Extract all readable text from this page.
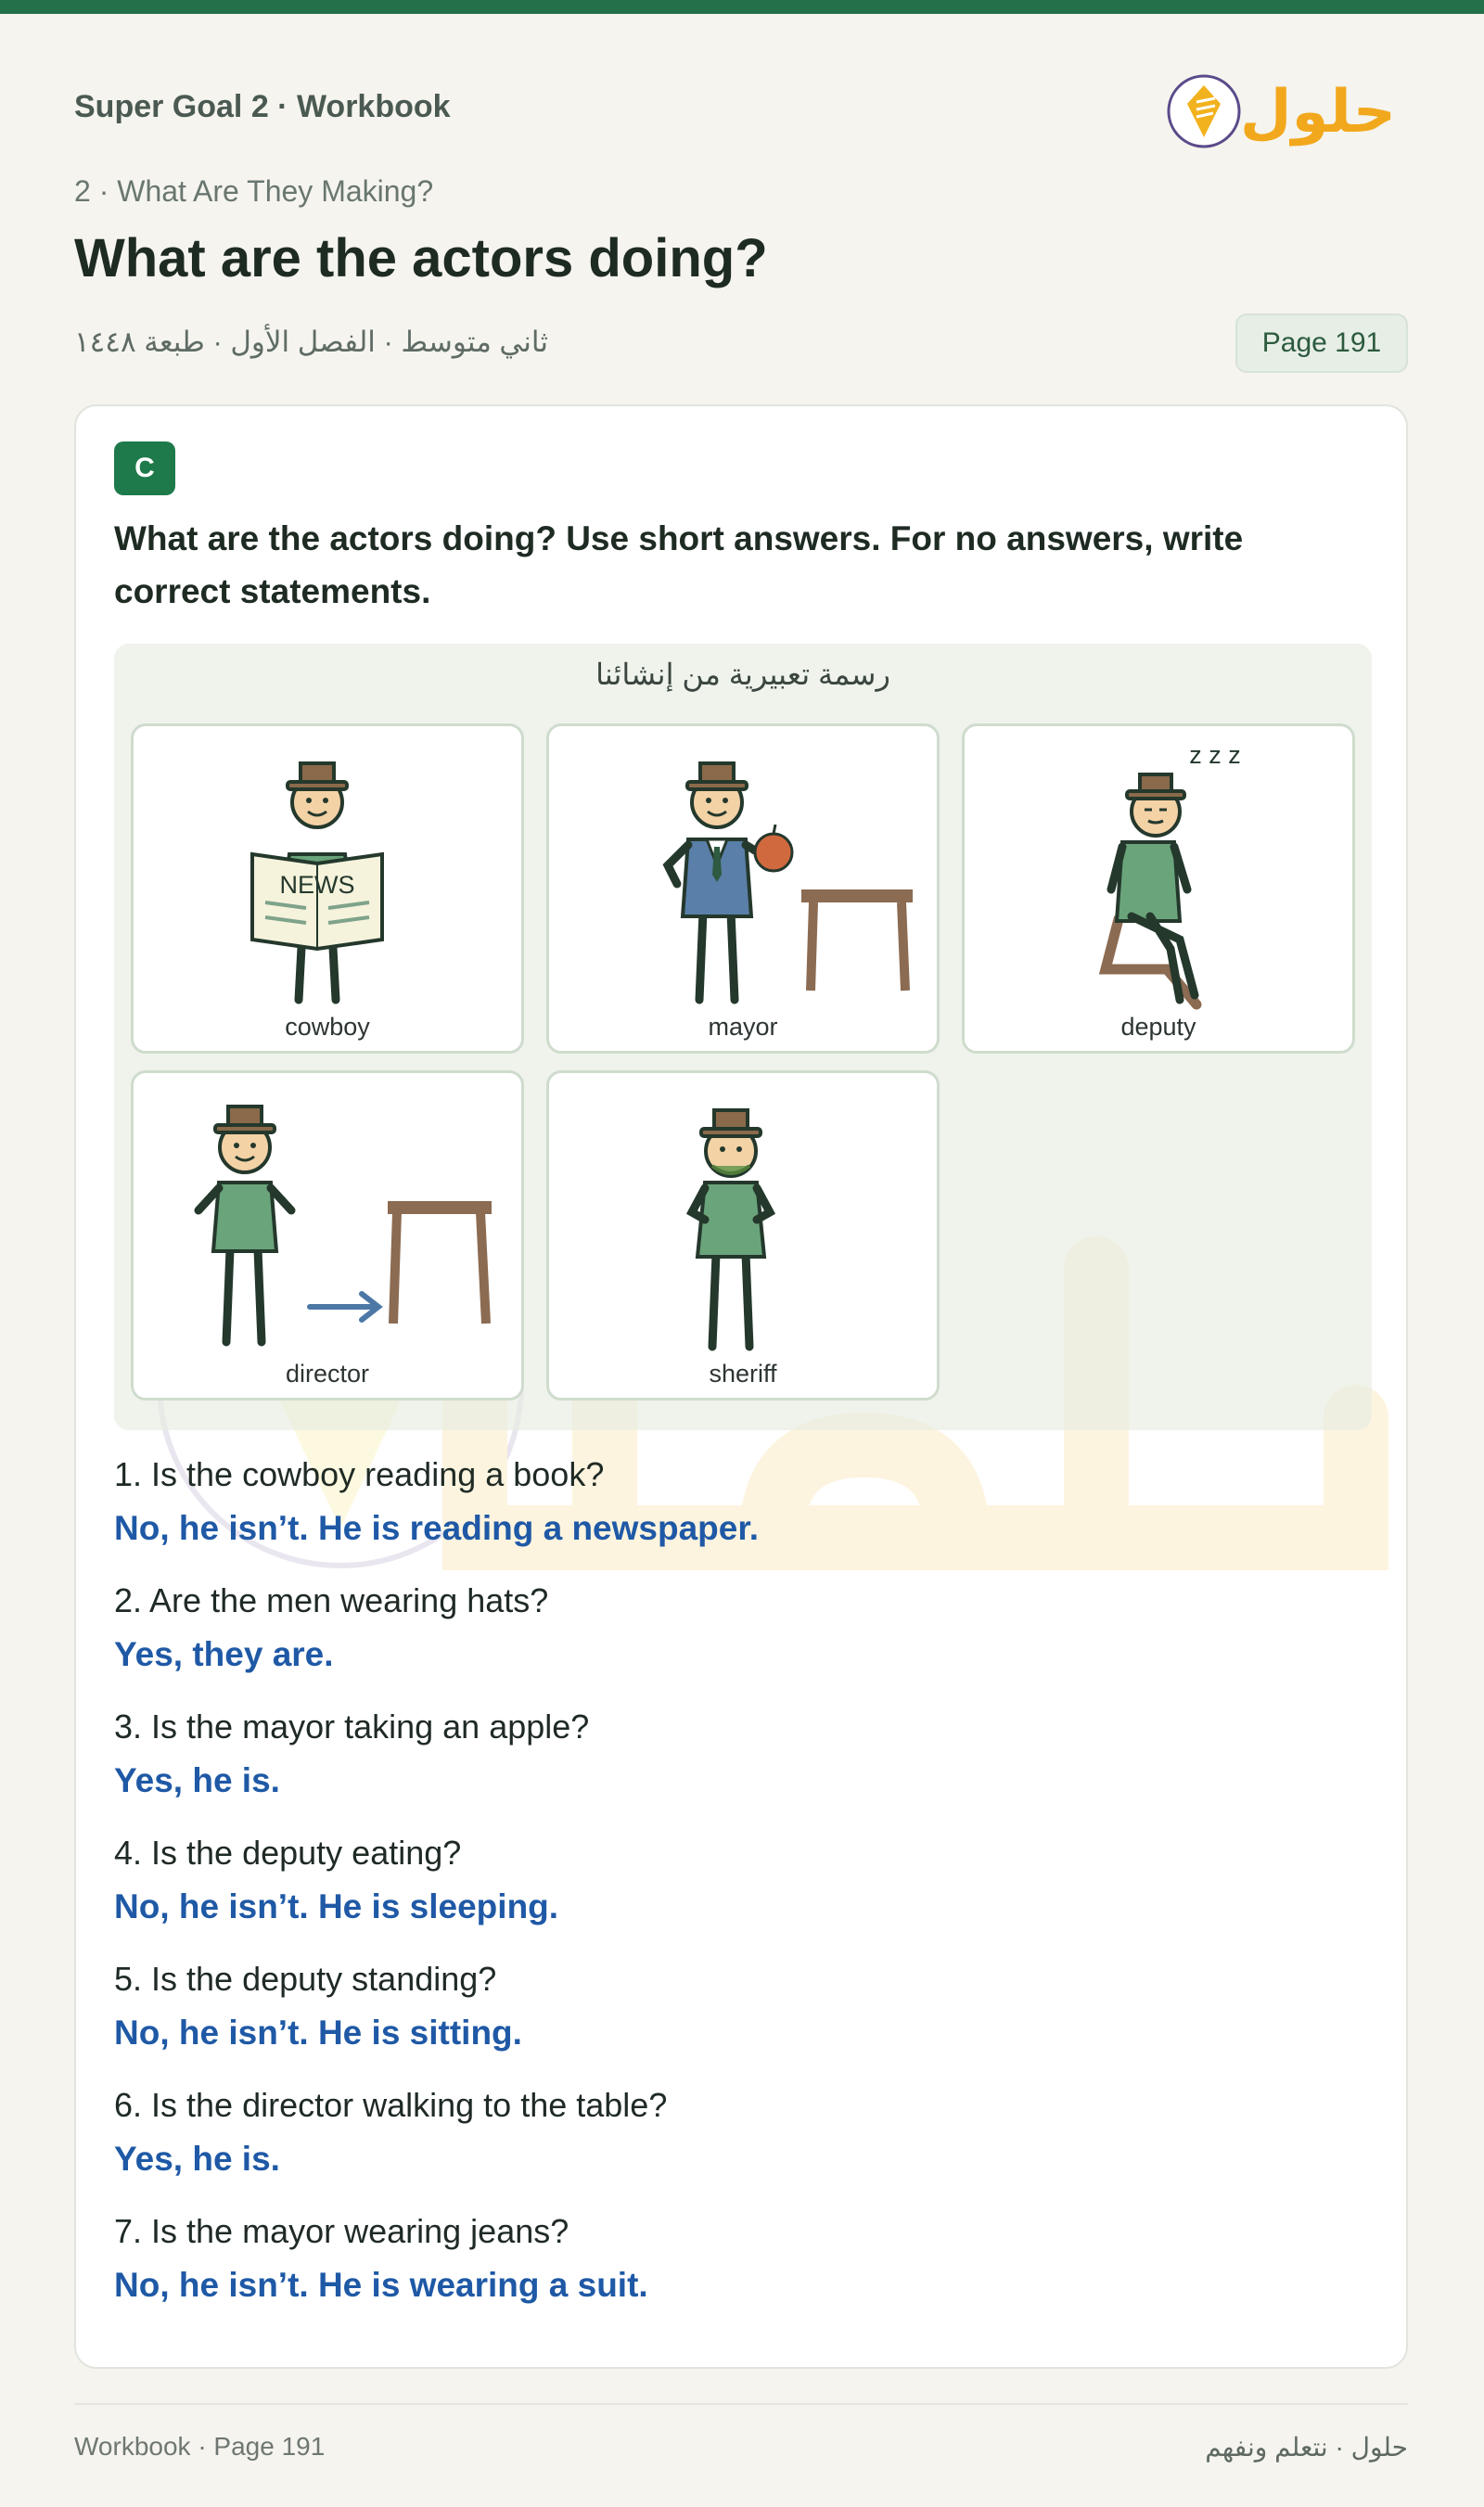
Super Goal 2 · Workbook	حلول
2 · What Are They Making?
What are the actors doing?
ثاني متوسط · الفصل الأول · طبعة ١٤٤٨	Page 191
C

What are the actors doing? Use short answers. For no answers, write correct statements.

رسمة تعبيرية من إنشائنا
NEWS
cowboy	mayor
z z z
deputy
director	sheriff

1. Is the cowboy reading a book?

No, he isn’t. He is reading a newspaper.

2. Are the men wearing hats?

Yes, they are.

3. Is the mayor taking an apple?

Yes, he is.

4. Is the deputy eating?

No, he isn’t. He is sleeping.

5. Is the deputy standing?

No, he isn’t. He is sitting.

6. Is the director walking to the table?

Yes, he is.

7. Is the mayor wearing jeans?

No, he isn’t. He is wearing a suit.

Workbook · Page 191	حلول · نتعلم ونفهم
